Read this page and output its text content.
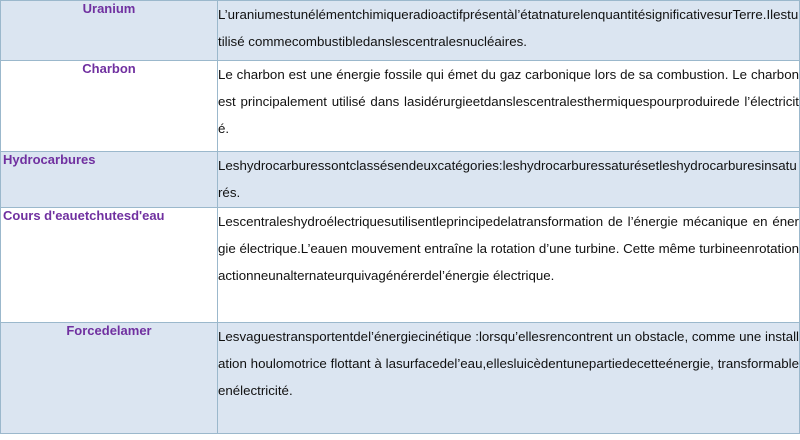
Uranium	L’uraniumestunélémentchimiqueradioactifprésentàl’étatnaturelenquantitésignificativesurTerre.Ilestutilisé commecombustibledanslescentralesnucléaires.
Charbon	Le charbon est une énergie fossile qui émet du gaz carbonique lors de sa combustion. Le charbon est principalement utilisé dans lasidérurgieetdanslescentralesthermiquespourproduirede l’électricité.
Hydrocarbures	Leshydrocarburessontclassésendeuxcatégories:leshydrocarburessaturésetleshydrocarburesinsaturés.
Cours d'eauetchutesd'eau	Lescentraleshydroélectriquesutilisentleprincipedelatransformation de l’énergie mécanique en énergie électrique.L’eauen mouvement entraîne la rotation d’une turbine. Cette même turbineenrotationactionneunalternateurquivagénérerdel’énergie électrique.
Forcedelamer	Lesvaguestransportentdel’énergiecinétique :lorsqu’ellesrencontrent un obstacle, comme une installation houlomotrice flottant à lasurfacedel’eau,ellesluicèdentunepartiedecetteénergie, transformableenélectricité.
